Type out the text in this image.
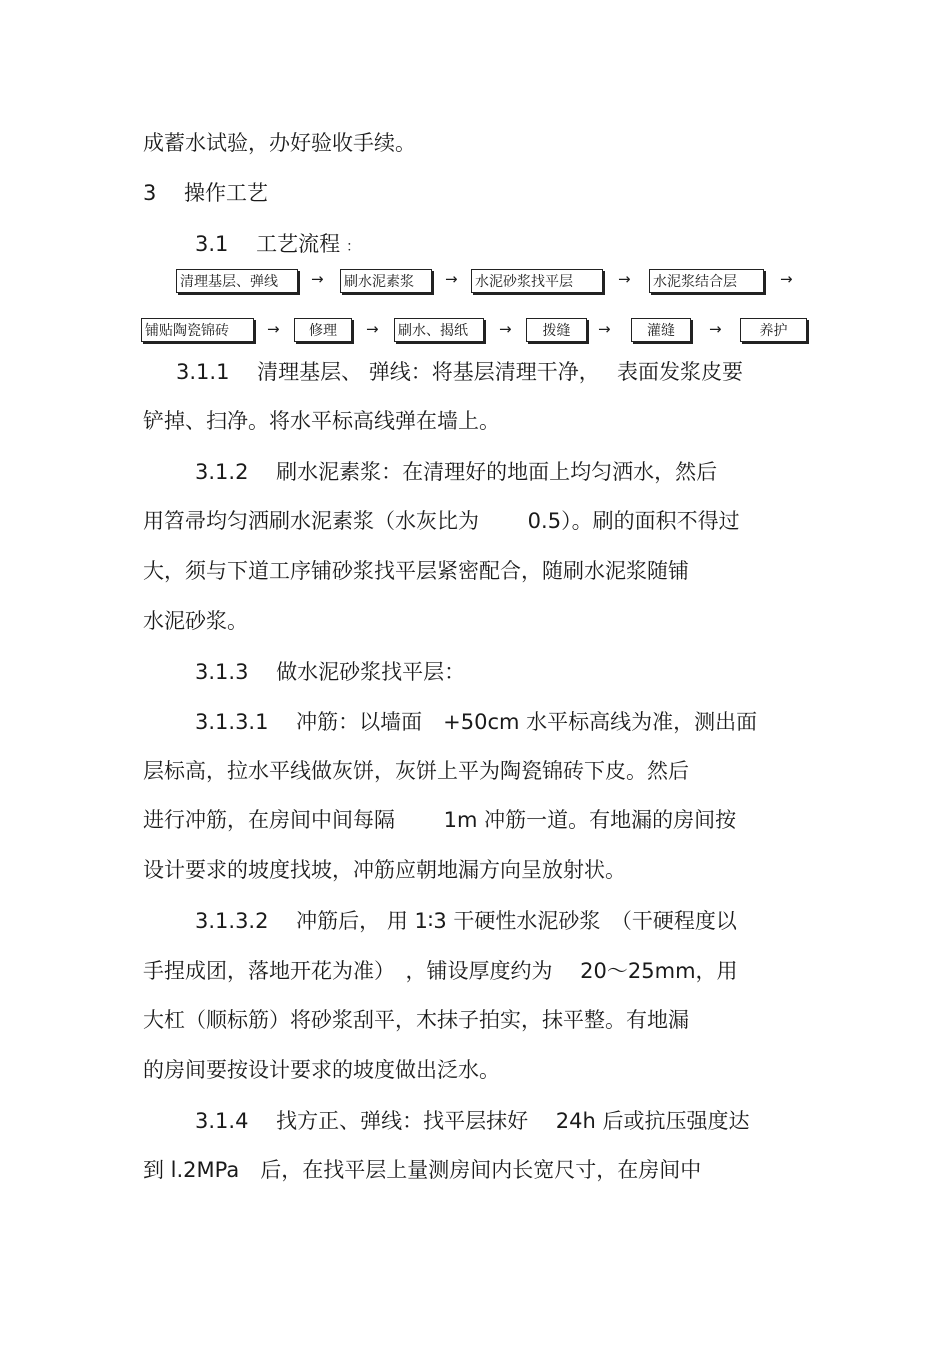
成蓄水试验，办好验收手续。
3　 操作工艺
3.1　 工艺流程 ：
清理基层、弹线	→ 刷水泥素浆	→ 水泥砂浆找平层	→ 水泥浆结合层	→
铺贴陶瓷锦砖	→	修理	→ 刷水、揭纸	→	拨缝	→	灌缝	→	养护
3.1.1　 清理基层、 弹线：将基层清理干净，　 表面发浆皮要
铲掉、扫净。将水平标高线弹在墙上。
3.1.2　 刷水泥素浆：在清理好的地面上均匀洒水，然后
用笤帚均匀洒刷水泥素浆（水灰比为　　 0.5）。刷的面积不得过
大，须与下道工序铺砂浆找平层紧密配合，随刷水泥浆随铺
水泥砂浆。
3.1.3　 做水泥砂浆找平层：
3.1.3.1　 冲筋：以墙面　+50cm 水平标高线为准，测出面
层标高，拉水平线做灰饼，灰饼上平为陶瓷锦砖下皮。然后
进行冲筋，在房间中间每隔　　 1m 冲筋一道。有地漏的房间按
设计要求的坡度找坡，冲筋应朝地漏方向呈放射状。
3.1.3.2　 冲筋后， 用 1∶3 干硬性水泥砂浆　（干硬程度以
手捏成团，落地开花为准）　，铺设厚度约为　 20～25mm，用
大杠（顺标筋）将砂浆刮平，木抹子拍实，抹平整。有地漏
的房间要按设计要求的坡度做出泛水。
3.1.4　 找方正、弹线：找平层抹好　 24h 后或抗压强度达
到 l.2MPa　后，在找平层上量测房间内长宽尺寸，在房间中
